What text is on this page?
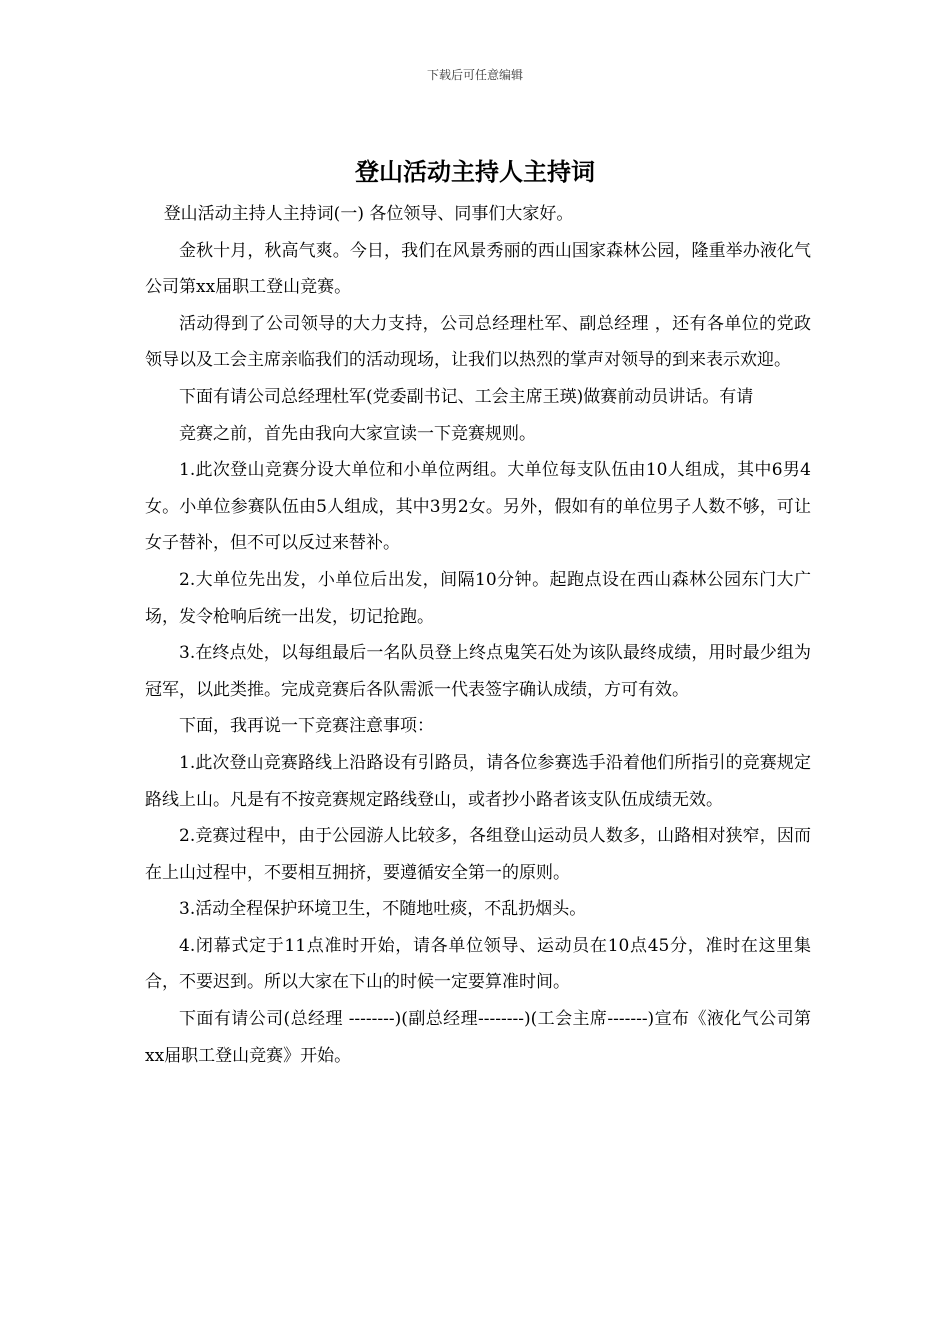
下载后可任意编辑
登山活动主持人主持词

登山活动主持人主持词(一) 各位领导、同事们大家好。

金秋十月，秋高气爽。今日，我们在风景秀丽的西山国家森林公园，隆重举办液化气公司第xx届职工登山竞赛。

活动得到了公司领导的大力支持，公司总经理杜军、副总经理 ，还有各单位的党政领导以及工会主席亲临我们的活动现场，让我们以热烈的掌声对领导的到来表示欢迎。

下面有请公司总经理杜军(党委副书记、工会主席王瑛)做赛前动员讲话。有请

竞赛之前，首先由我向大家宣读一下竞赛规则。

1.此次登山竞赛分设大单位和小单位两组。大单位每支队伍由10人组成，其中6男4女。小单位参赛队伍由5人组成，其中3男2女。另外，假如有的单位男子人数不够，可让女子替补，但不可以反过来替补。

2.大单位先出发，小单位后出发，间隔10分钟。起跑点设在西山森林公园东门大广场，发令枪响后统一出发，切记抢跑。

3.在终点处，以每组最后一名队员登上终点鬼笑石处为该队最终成绩，用时最少组为冠军，以此类推。完成竞赛后各队需派一代表签字确认成绩，方可有效。

下面，我再说一下竞赛注意事项：

1.此次登山竞赛路线上沿路设有引路员，请各位参赛选手沿着他们所指引的竞赛规定路线上山。凡是有不按竞赛规定路线登山，或者抄小路者该支队伍成绩无效。

2.竞赛过程中，由于公园游人比较多，各组登山运动员人数多，山路相对狭窄，因而在上山过程中，不要相互拥挤，要遵循安全第一的原则。

3.活动全程保护环境卫生，不随地吐痰，不乱扔烟头。

4.闭幕式定于11点准时开始，请各单位领导、运动员在10点45分，准时在这里集合，不要迟到。所以大家在下山的时候一定要算准时间。

下面有请公司(总经理 --------)(副总经理--------)(工会主席-------)宣布《液化气公司第xx届职工登山竞赛》开始。
